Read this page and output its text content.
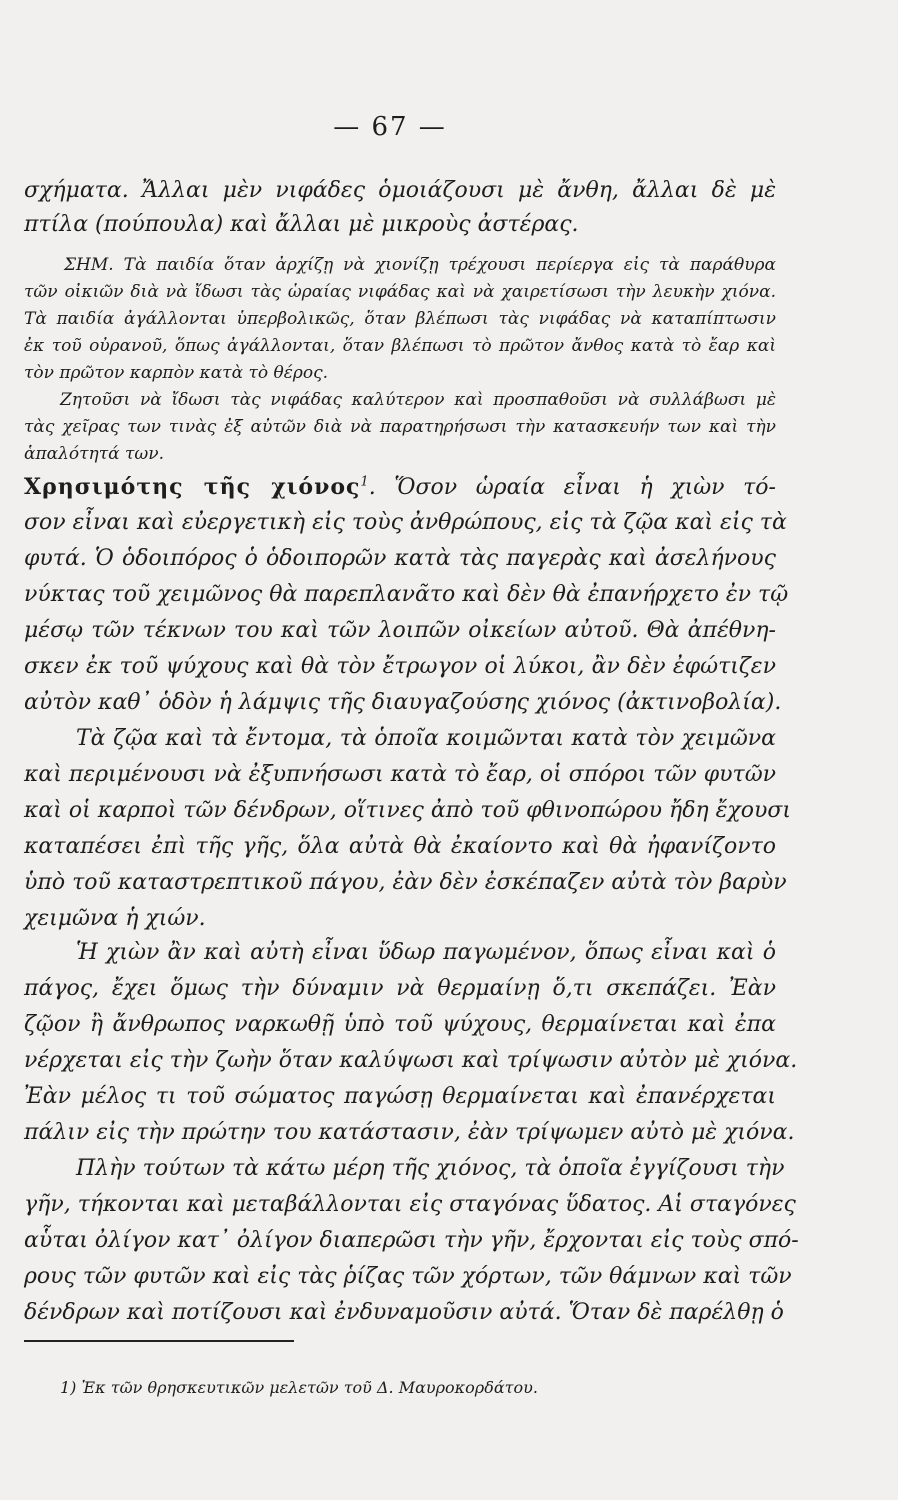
— 67 —
σχήματα. Ἄλλαι μὲν νιφάδες ὁμοιάζουσι μὲ ἄνθη, ἄλλαι δὲ μὲ
πτίλα (πούπουλα) καὶ ἄλλαι μὲ μικροὺς ἀστέρας.
ΣΗΜ. Τὰ παιδία ὅταν ἀρχίζῃ νὰ χιονίζῃ τρέχουσι περίεργα εἰς τὰ παράθυρα
τῶν οἰκιῶν διὰ νὰ ἴδωσι τὰς ὡραίας νιφάδας καὶ νὰ χαιρετίσωσι τὴν λευκὴν χιόνα.
Τὰ παιδία ἀγάλλονται ὑπερβολικῶς, ὅταν βλέπωσι τὰς νιφάδας νὰ καταπίπτωσιν
ἐκ τοῦ οὐρανοῦ, ὅπως ἀγάλλονται, ὅταν βλέπωσι τὸ πρῶτον ἄνθος κατὰ τὸ ἔαρ καὶ
τὸν πρῶτον καρπὸν κατὰ τὸ θέρος.
Ζητοῦσι νὰ ἴδωσι τὰς νιφάδας καλύτερον καὶ προσπαθοῦσι νὰ συλλάβωσι μὲ
τὰς χεῖρας των τινὰς ἐξ αὐτῶν διὰ νὰ παρατηρήσωσι τὴν κατασκευήν των καὶ τὴν
ἁπαλότητά των.
Χρησιμότης τῆς χιόνος$^1$. Ὅσον ὡραία εἶναι ἡ χιὼν τό-
σον εἶναι καὶ εὐεργετικὴ εἰς τοὺς ἀνθρώπους, εἰς τὰ ζῷα καὶ εἰς τὰ
φυτά. Ὁ ὁδοιπόρος ὁ ὁδοιπορῶν κατὰ τὰς παγερὰς καὶ ἀσελήνους
νύκτας τοῦ χειμῶνος θὰ παρεπλανᾶτο καὶ δὲν θὰ ἐπανήρχετο ἐν τῷ
μέσῳ τῶν τέκνων του καὶ τῶν λοιπῶν οἰκείων αὐτοῦ. Θὰ ἀπέθνη-
σκεν ἐκ τοῦ ψύχους καὶ θὰ τὸν ἔτρωγον οἱ λύκοι, ἂν δὲν ἐφώτιζεν
αὐτὸν καθ᾽ ὁδὸν ἡ λάμψις τῆς διαυγαζούσης χιόνος (ἀκτινοβολία).
Τὰ ζῷα καὶ τὰ ἔντομα, τὰ ὁποῖα κοιμῶνται κατὰ τὸν χειμῶνα
καὶ περιμένουσι νὰ ἐξυπνήσωσι κατὰ τὸ ἔαρ, οἱ σπόροι τῶν φυτῶν
καὶ οἱ καρποὶ τῶν δένδρων, οἵτινες ἀπὸ τοῦ φθινοπώρου ἤδη ἔχουσι
καταπέσει ἐπὶ τῆς γῆς, ὅλα αὐτὰ θὰ ἐκαίοντο καὶ θὰ ἠφανίζοντο
ὑπὸ τοῦ καταστρεπτικοῦ πάγου, ἐὰν δὲν ἐσκέπαζεν αὐτὰ τὸν βαρὺν
χειμῶνα ἡ χιών.
Ἡ χιὼν ἂν καὶ αὐτὴ εἶναι ὕδωρ παγωμένον, ὅπως εἶναι καὶ ὁ
πάγος, ἔχει ὅμως τὴν δύναμιν νὰ θερμαίνῃ ὅ,τι σκεπάζει. Ἐὰν
ζῷον ἢ ἄνθρωπος ναρκωθῇ ὑπὸ τοῦ ψύχους, θερμαίνεται καὶ ἐπα
νέρχεται εἰς τὴν ζωὴν ὅταν καλύψωσι καὶ τρίψωσιν αὐτὸν μὲ χιόνα.
Ἐὰν μέλος τι τοῦ σώματος παγώσῃ θερμαίνεται καὶ ἐπανέρχεται
πάλιν εἰς τὴν πρώτην του κατάστασιν, ἐὰν τρίψωμεν αὐτὸ μὲ χιόνα.
Πλὴν τούτων τὰ κάτω μέρη τῆς χιόνος, τὰ ὁποῖα ἐγγίζουσι τὴν
γῆν, τήκονται καὶ μεταβάλλονται εἰς σταγόνας ὕδατος. Αἱ σταγόνες
αὗται ὀλίγον κατ᾽ ὀλίγον διαπερῶσι τὴν γῆν, ἔρχονται εἰς τοὺς σπό-
ρους τῶν φυτῶν καὶ εἰς τὰς ῥίζας τῶν χόρτων, τῶν θάμνων καὶ τῶν
δένδρων καὶ ποτίζουσι καὶ ἐνδυναμοῦσιν αὐτά. Ὅταν δὲ παρέλθῃ ὁ
1) Ἐκ τῶν θρησκευτικῶν μελετῶν τοῦ Δ. Μαυροκορδάτου.
